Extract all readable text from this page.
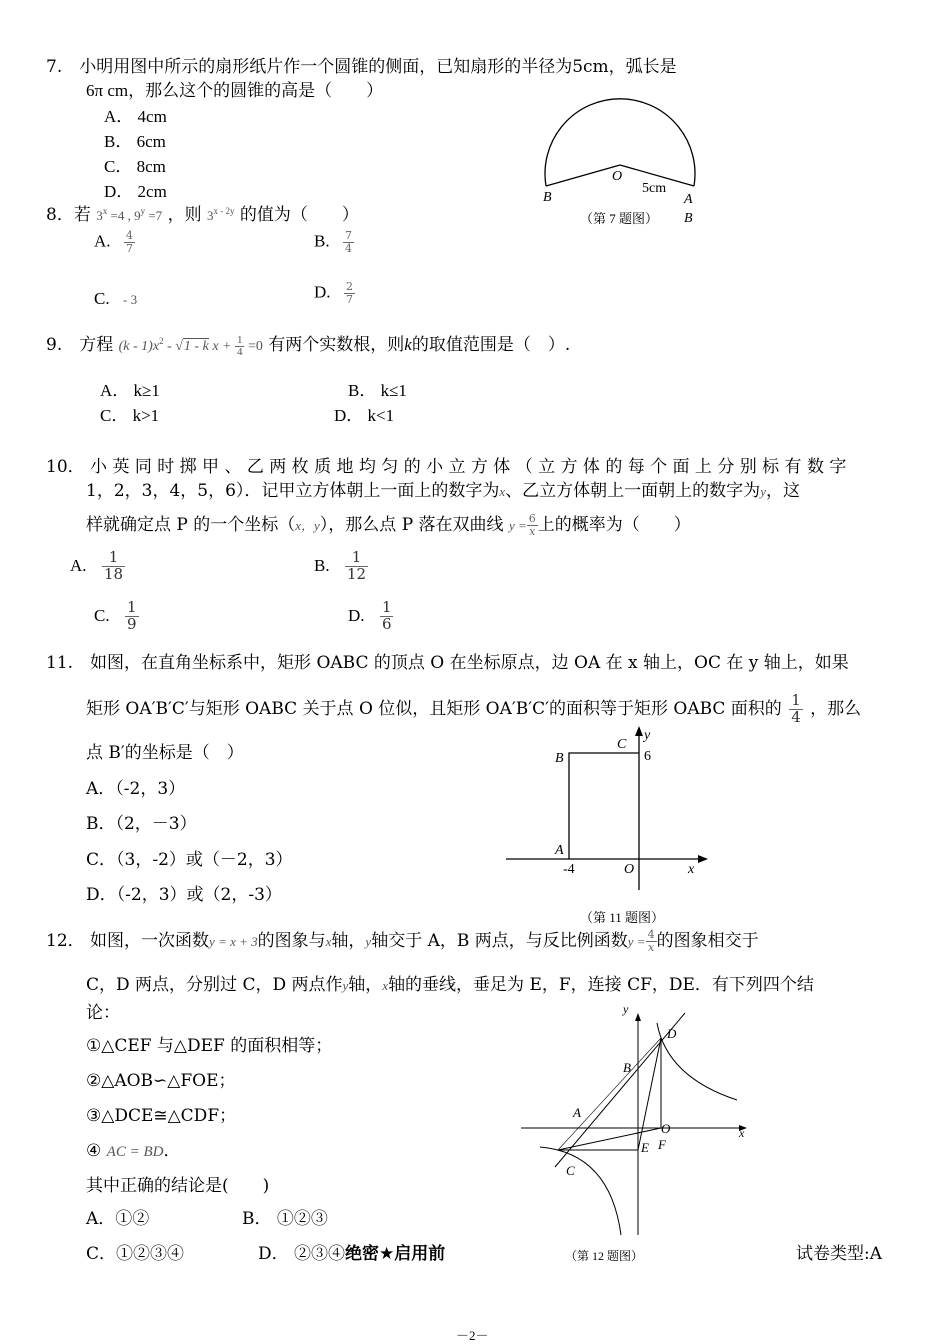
7.　小明用图中所示的扇形纸片作一个圆锥的侧面，已知扇形的半径为5cm，弧长是
6π cm，那么这个的圆锥的高是（　　）
A． 4cm
B． 6cm
C． 8cm
D． 2cm
O
5cm
B	A
B
（第 7 题图）
8．若 $3^x =4$ , $9^y =7$ ，则 $3^{x - 2y}$ 的值为（　　）
A. $\frac{4}{7}$	B. $\frac{7}{4}$
C. - 3	D. $\frac{2}{7}$
9.　方程 $(k - 1)x^2 - √1$ - k $x + \frac{1}{4} =0$ 有两个实数根，则k的取值范围是（　）.
A． k≥1	B． k≤1
C． k>1	D． k<1
10． 小 英 同 时 掷 甲 、 乙 两 枚 质 地 均 匀 的 小 立 方 体 （ 立 方 体 的 每 个 面 上 分 别 标 有 数 字
1，2，3，4，5，6）．记甲立方体朝上一面上的数字为x、乙立方体朝上一面朝上的数字为y，这
样就确定点 P 的一个坐标（x，y），那么点 P 落在双曲线 $y = \frac{6}{x}$ 上的概率为（　　）
A. $\frac{1}{18}$	B. $\frac{1}{12}$
C. $\frac{1}{9}$	D. $\frac{1}{6}$
11.　如图，在直角坐标系中，矩形 OABC 的顶点 O 在坐标原点，边 OA 在 x 轴上，OC 在 y 轴上，如果
矩形 OA′B′C′与矩形 OABC 关于点 O 位似，且矩形 OA′B′C′的面积等于矩形 OABC 面积的 $\frac{1}{4}$ ，那么
点 B′的坐标是（　）
A．（-2，3）
B．（2，－3）
C．（3，-2）或（－2，3）
D．（-2，3）或（2，-3）
B
C
y
6
A
-4	O	x
（第 11 题图）
12． 如图，一次函数y = x + 3的图象与x轴，y轴交于 A，B 两点，与反比例函数$y = \frac{4}{x}$ 的图象相交于
C，D 两点，分别过 C，D 两点作y轴，x轴的垂线，垂足为 E，F，连接 CF，DE．有下列四个结
论：
①△CEF 与△DEF 的面积相等；
②△AOB∽△FOE；
③△DCE≅△CDF；
④ AC = BD．
其中正确的结论是(　　)
A．①②	B． ①②③
C．①②③④	D． ②③④绝密★启用前
y
D
B
A
O	x
E F
C
（第 12 题图）	试卷类型:A
－2－
